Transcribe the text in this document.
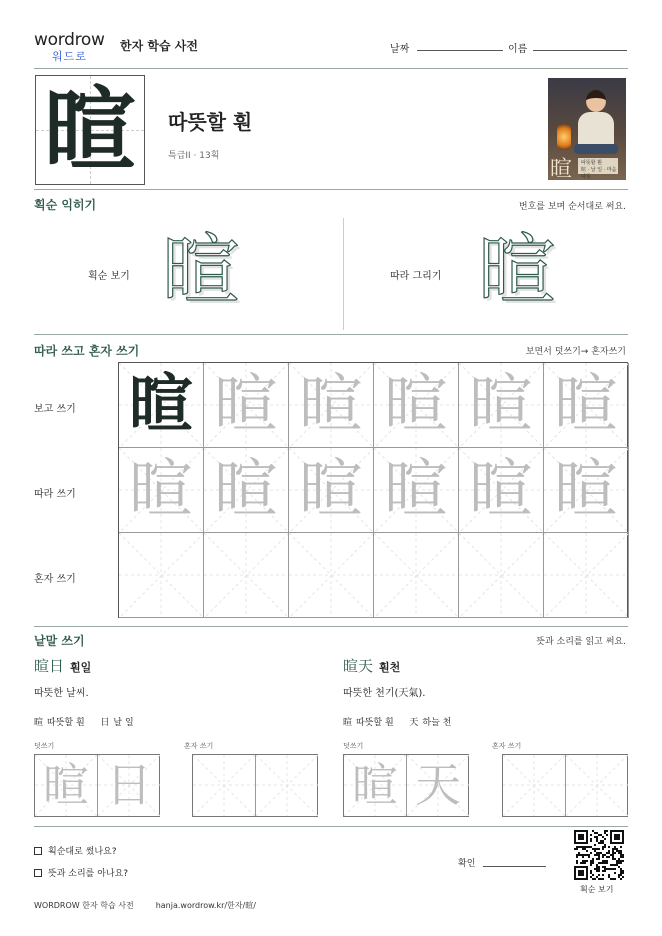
wordrow
워드로
한자 학습 사전	날짜	이름
暄	따뜻할 훤
특급II · 13획
暄 따뜻할 훤
暄 · 날 일 · 마음 따뜻
획순 익히기	번호를 보며 순서대로 써요.
획순 보기 暄	따라 그리기 暄
따라 쓰고 혼자 쓰기	보면서 덧쓰기→ 혼자쓰기
보고 쓰기
따라 쓰기
혼자 쓰기
暄 暄 暄 暄 暄 暄
暄 暄 暄 暄 暄 暄
낱말 쓰기	뜻과 소리를 읽고 써요.
暄日 훤일
따뜻한 날씨.
暄 따뜻할 훤 日 날 일
덧쓰기	혼자 쓰기
暄 日
暄天 훤천
따뜻한 천기(天氣).
暄 따뜻할 훤 天 하늘 천
덧쓰기	혼자 쓰기
暄 天
획순대로 썼나요?
뜻과 소리를 아나요?
확인
획순 보기
WORDROW 한자 학습 사전	hanja.wordrow.kr/한자/暄/
